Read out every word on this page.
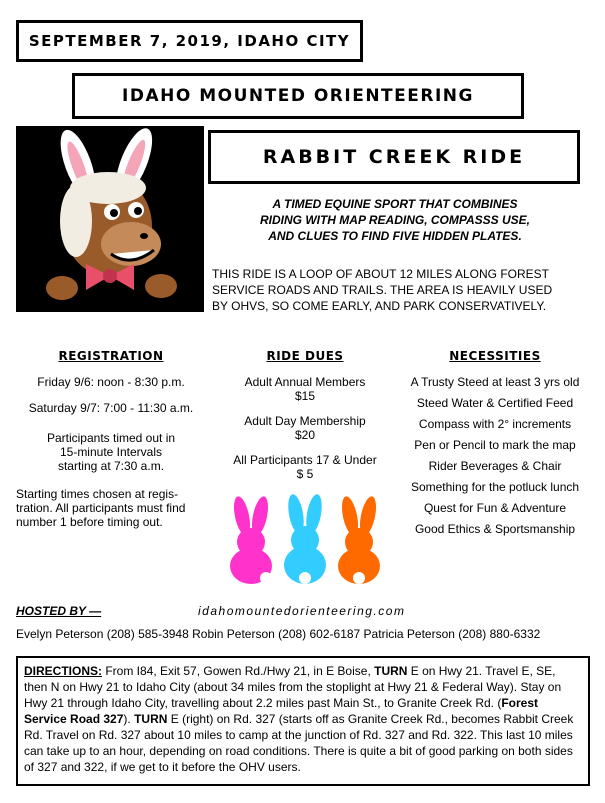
SEPTEMBER 7, 2019, IDAHO CITY
IDAHO MOUNTED ORIENTEERING
RABBIT CREEK RIDE
A TIMED EQUINE SPORT THAT COMBINES
RIDING WITH MAP READING, COMPASSS USE,
AND CLUES TO FIND FIVE HIDDEN PLATES.
THIS RIDE IS A LOOP OF ABOUT 12 MILES ALONG FOREST
SERVICE ROADS AND TRAILS. THE AREA IS HEAVILY USED
BY OHVS, SO COME EARLY, AND PARK CONSERVATIVELY.
REGISTRATION
Friday 9/6: noon - 8:30 p.m.
Saturday 9/7: 7:00 - 11:30 a.m.
Participants timed out in
15-minute Intervals
starting at 7:30 a.m.
Starting times chosen at regis-
tration. All participants must find
number 1 before timing out.
RIDE DUES
Adult Annual Members
$15
Adult Day Membership
$20
All Participants 17 & Under
$ 5
NECESSITIES
A Trusty Steed at least 3 yrs old
Steed Water & Certified Feed
Compass with 2° increments
Pen or Pencil to mark the map
Rider Beverages & Chair
Something for the potluck lunch
Quest for Fun & Adventure
Good Ethics & Sportsmanship
HOSTED BY —	idahomountedorienteering.com
Evelyn Peterson (208) 585-3948 Robin Peterson (208) 602-6187 Patricia Peterson (208) 880-6332
DIRECTIONS: From I84, Exit 57, Gowen Rd./Hwy 21, in E Boise, TURN E on Hwy 21. Travel E, SE, then N on Hwy 21 to Idaho City (about 34 miles from the stoplight at Hwy 21 & Federal Way). Stay on Hwy 21 through Idaho City, travelling about 2.2 miles past Main St., to Granite Creek Rd. (Forest Service Road 327). TURN E (right) on Rd. 327 (starts off as Granite Creek Rd., becomes Rabbit Creek Rd. Travel on Rd. 327 about 10 miles to camp at the junction of Rd. 327 and Rd. 322. This last 10 miles can take up to an hour, depending on road conditions. There is quite a bit of good parking on both sides of 327 and 322, if we get to it before the OHV users.
